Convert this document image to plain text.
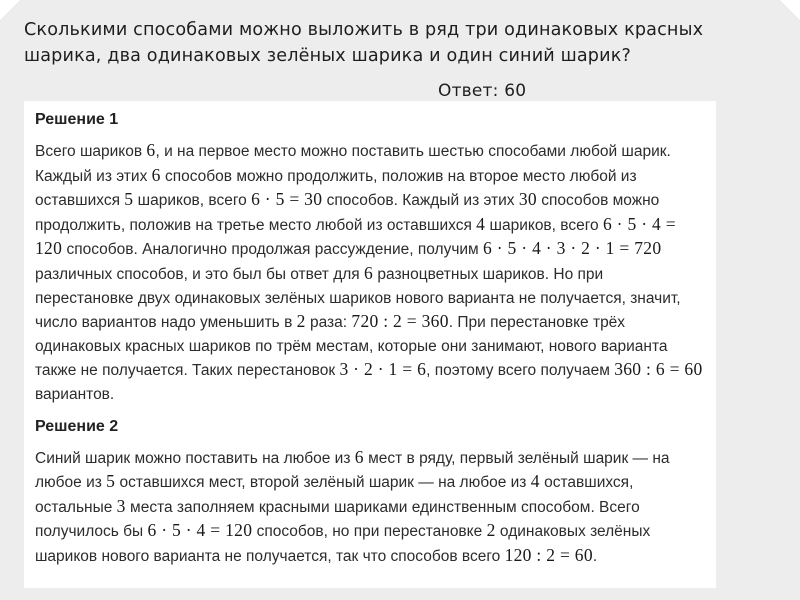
Сколькими способами можно выложить в ряд три одинаковых красных шарика, два одинаковых зелёных шарика и один синий шарик?

Ответ: 60
Решение 1

Всего шариков 6, и на первое место можно поставить шестью способами любой шарик. Каждый из этих 6 способов можно продолжить, положив на второе место любой из оставшихся 5 шариков, всего 6 · 5 = 30 способов. Каждый из этих 30 способов можно продолжить, положив на третье место любой из оставшихся 4 шариков, всего 6 · 5 · 4 = 120 способов. Аналогично продолжая рассуждение, получим 6 · 5 · 4 · 3 · 2 · 1 = 720 различных способов, и это был бы ответ для 6 разноцветных шариков. Но при перестановке двух одинаковых зелёных шариков нового варианта не получается, значит, число вариантов надо уменьшить в 2 раза: 720 : 2 = 360. При перестановке трёх одинаковых красных шариков по трём местам, которые они занимают, нового варианта также не получается. Таких перестановок 3 · 2 · 1 = 6, поэтому всего получаем 360 : 6 = 60 вариантов.

Решение 2

Синий шарик можно поставить на любое из 6 мест в ряду, первый зелёный шарик — на любое из 5 оставшихся мест, второй зелёный шарик — на любое из 4 оставшихся, остальные 3 места заполняем красными шариками единственным способом. Всего получилось бы 6 · 5 · 4 = 120 способов, но при перестановке 2 одинаковых зелёных шариков нового варианта не получается, так что способов всего 120 : 2 = 60.
